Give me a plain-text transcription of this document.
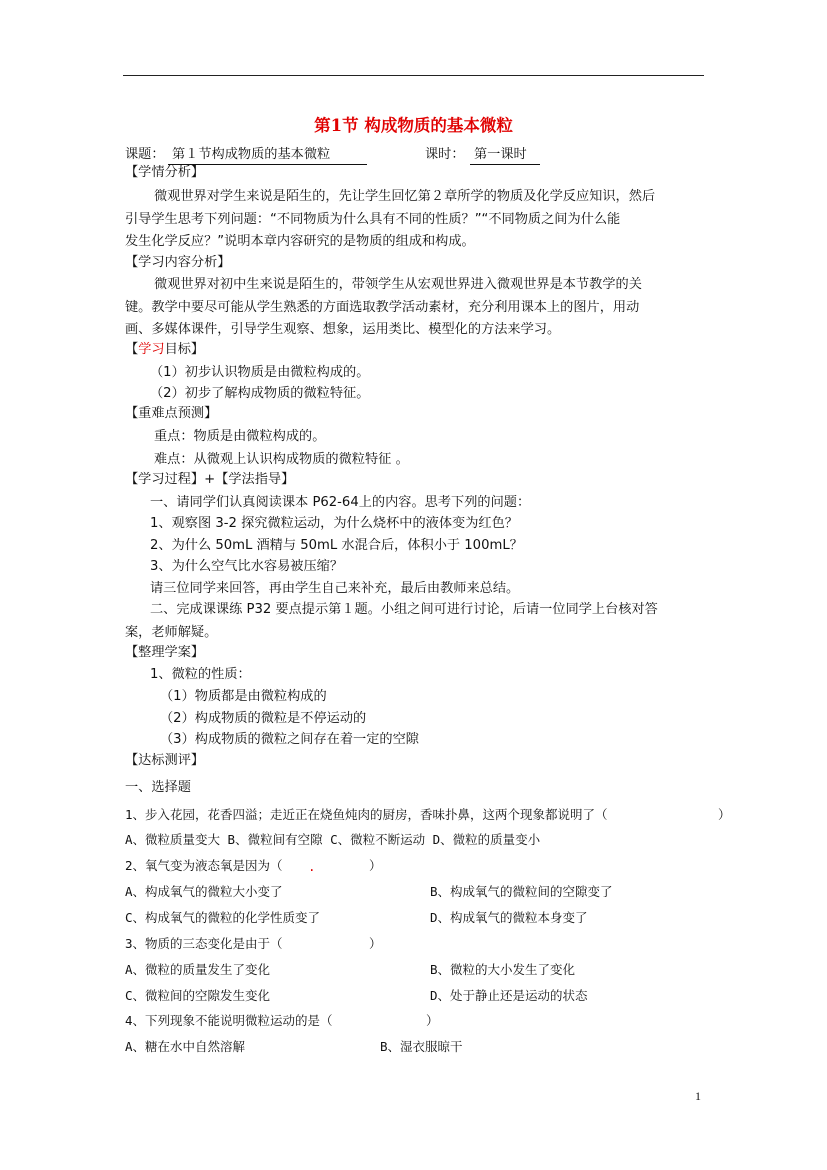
第1节 构成物质的基本微粒
课题： 第１节构成物质的基本微粒	课时： 第一课时
【学情分析】
微观世界对学生来说是陌生的，先让学生回忆第２章所学的物质及化学反应知识，然后
引导学生思考下列问题：“不同物质为什么具有不同的性质？”“不同物质之间为什么能
发生化学反应？”说明本章内容研究的是物质的组成和构成。
【学习内容分析】
微观世界对初中生来说是陌生的，带领学生从宏观世界进入微观世界是本节教学的关
键。教学中要尽可能从学生熟悉的方面选取教学活动素材，充分利用课本上的图片，用动
画、多媒体课件，引导学生观察、想象，运用类比、模型化的方法来学习。
【学习目标】
（1）初步认识物质是由微粒构成的。
（2）初步了解构成物质的微粒特征。
【重难点预测】
重点：物质是由微粒构成的。
难点：从微观上认识构成物质的微粒特征 。
【学习过程】+【学法指导】
一、请同学们认真阅读课本 P62-64上的内容。思考下列的问题：
1、观察图 3-2 探究微粒运动，为什么烧杯中的液体变为红色？
2、为什么 50mL 酒精与 50mL 水混合后，体积小于 100mL？
3、为什么空气比水容易被压缩？
请三位同学来回答，再由学生自己来补充，最后由教师来总结。
二、完成课课练 P32 要点提示第１题。小组之间可进行讨论，后请一位同学上台核对答
案，老师解疑。
【整理学案】
1、微粒的性质：
（1）物质都是由微粒构成的
（2）构成物质的微粒是不停运动的
（3）构成物质的微粒之间存在着一定的空隙
【达标测评】
一、选择题
1、步入花园，花香四溢；走近正在烧鱼炖肉的厨房，香味扑鼻，这两个现象都说明了（	）
A、微粒质量变大 B、微粒间有空隙 C、微粒不断运动 D、微粒的质量变小
2、氧气变为液态氧是因为（ .	）
A、构成氧气的微粒大小变了	B、构成氧气的微粒间的空隙变了
C、构成氧气的微粒的化学性质变了	D、构成氧气的微粒本身变了
3、物质的三态变化是由于（	）
A、微粒的质量发生了变化	B、微粒的大小发生了变化
C、微粒间的空隙发生变化	D、处于静止还是运动的状态
4、下列现象不能说明微粒运动的是（	）
A、糖在水中自然溶解	B、湿衣服晾干
1
